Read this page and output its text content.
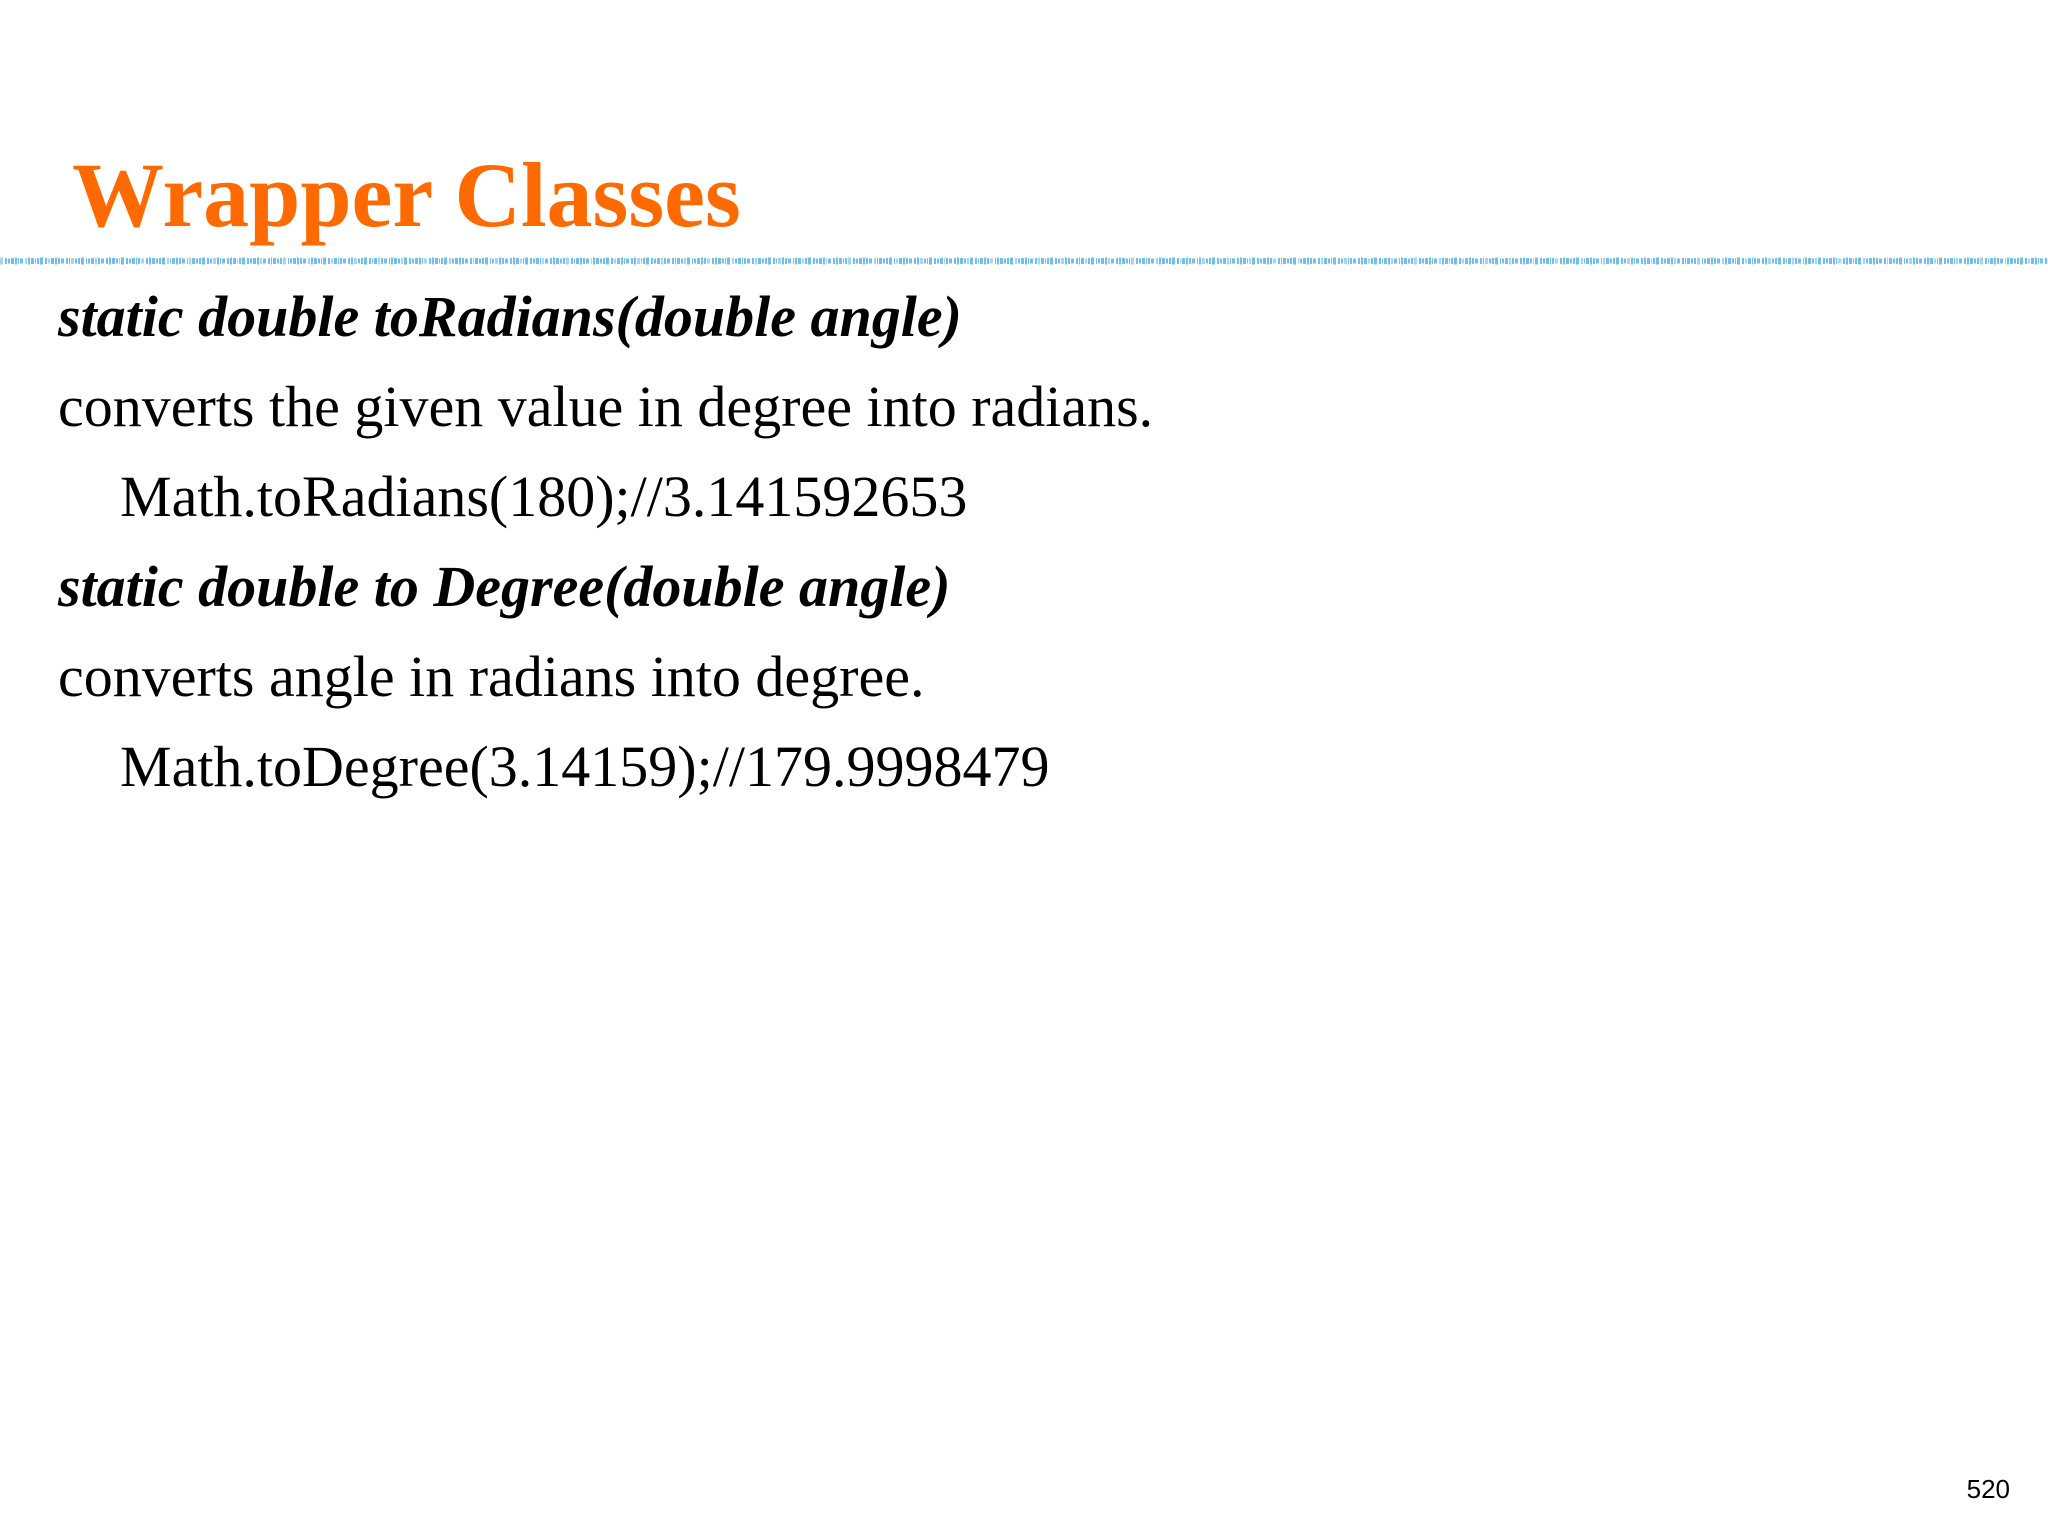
Wrapper Classes
static double toRadians(double angle)
converts the given value in degree into radians.
Math.toRadians(180);//3.141592653
static double to Degree(double angle)
converts angle in radians into degree.
Math.toDegree(3.14159);//179.9998479
520
